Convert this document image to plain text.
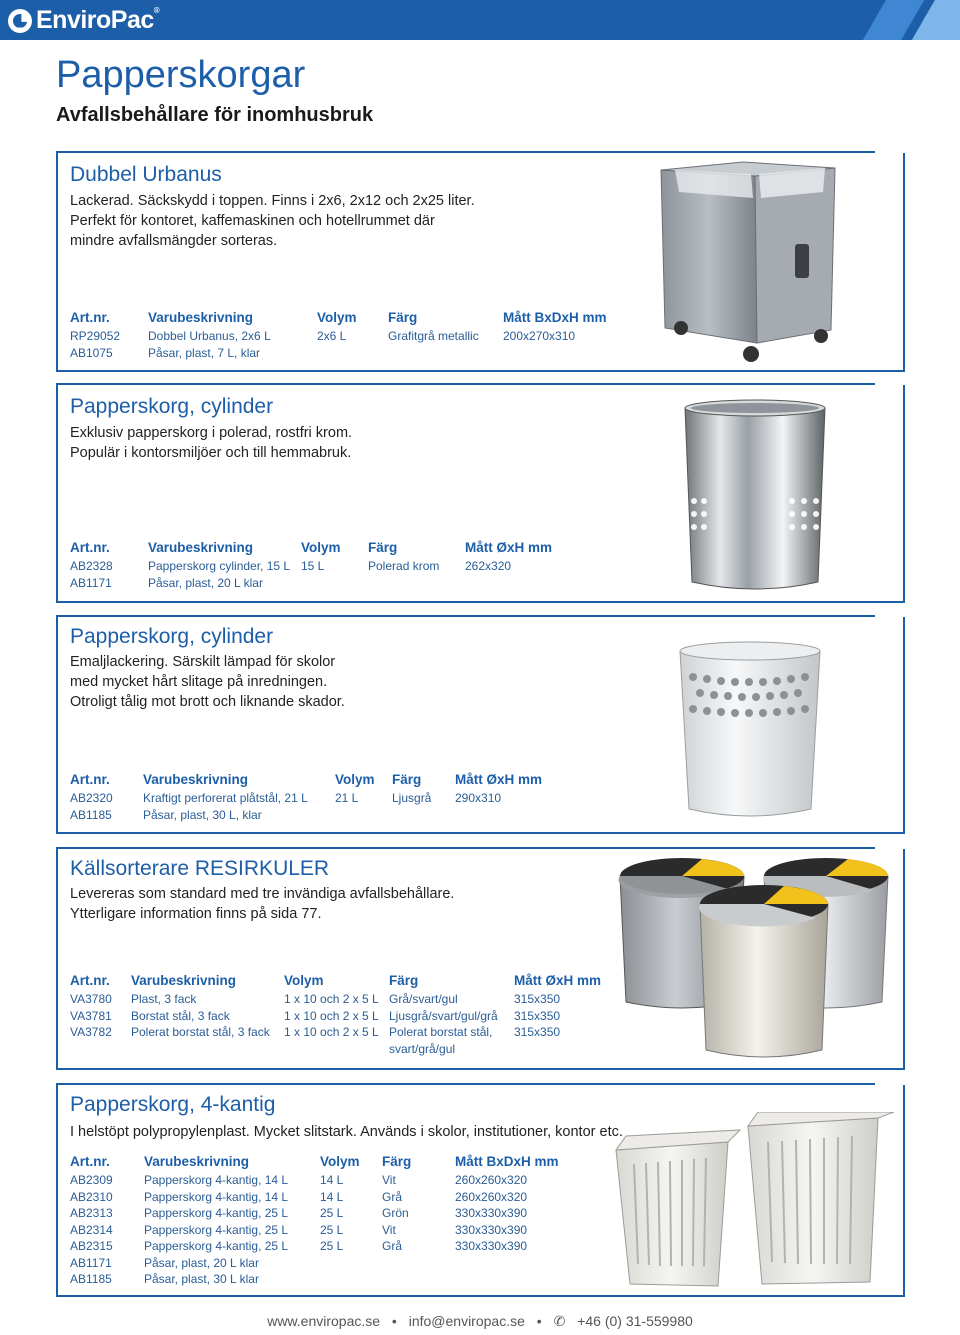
EnviroPac®
Papperskorgar
Avfallsbehållare för inomhusbruk
Dubbel Urbanus
Lackerad. Säckskydd i toppen. Finns i 2x6, 2x12 och 2x25 liter.
Perfekt för kontoret, kaffemaskinen och hotellrummet där
mindre avfallsmängder sorteras.
Art.nr.	Varubeskrivning	Volym	Färg	Mått BxDxH mm
RP29052	Dobbel Urbanus, 2x6 L	2x6 L	Grafitgrå metallic	200x270x310
AB1075	Påsar, plast, 7 L, klar			
Papperskorg, cylinder
Exklusiv papperskorg i polerad, rostfri krom.
Populär i kontorsmiljöer och till hemmabruk.
Art.nr.	Varubeskrivning	Volym	Färg	Mått ØxH mm
AB2328	Papperskorg cylinder, 15 L	15 L	Polerad krom	262x320
AB1171	Påsar, plast, 20 L klar			
Papperskorg, cylinder
Emaljlackering. Särskilt lämpad för skolor
med mycket hårt slitage på inredningen.
Otroligt tålig mot brott och liknande skador.
Art.nr.	Varubeskrivning	Volym	Färg	Mått ØxH mm
AB2320	Kraftigt perforerat plåtstål, 21 L	21 L	Ljusgrå	290x310
AB1185	Påsar, plast, 30 L, klar			
Källsorterare RESIRKULER
Levereras som standard med tre invändiga avfallsbehållare.
Ytterligare information finns på sida 77.
Art.nr.	Varubeskrivning	Volym	Färg	Mått ØxH mm
VA3780	Plast, 3 fack	1 x 10 och 2 x 5 L	Grå/svart/gul	315x350
VA3781	Borstat stål, 3 fack	1 x 10 och 2 x 5 L	Ljusgrå/svart/gul/grå	315x350
VA3782	Polerat borstat stål, 3 fack	1 x 10 och 2 x 5 L	Polerat borstat stål,
svart/grå/gul	315x350
Papperskorg, 4-kantig
I helstöpt polypropylenplast. Mycket slitstark. Används i skolor, institutioner, kontor etc.
Art.nr.	Varubeskrivning	Volym	Färg	Mått BxDxH mm
AB2309	Papperskorg 4-kantig, 14 L	14 L	Vit	260x260x320
AB2310	Papperskorg 4-kantig, 14 L	14 L	Grå	260x260x320
AB2313	Papperskorg 4-kantig, 25 L	25 L	Grön	330x330x390
AB2314	Papperskorg 4-kantig, 25 L	25 L	Vit	330x330x390
AB2315	Papperskorg 4-kantig, 25 L	25 L	Grå	330x330x390
AB1171	Påsar, plast, 20 L klar			
AB1185	Påsar, plast, 30 L klar			
www.enviropac.se • info@enviropac.se • ✆ +46 (0) 31-559980
